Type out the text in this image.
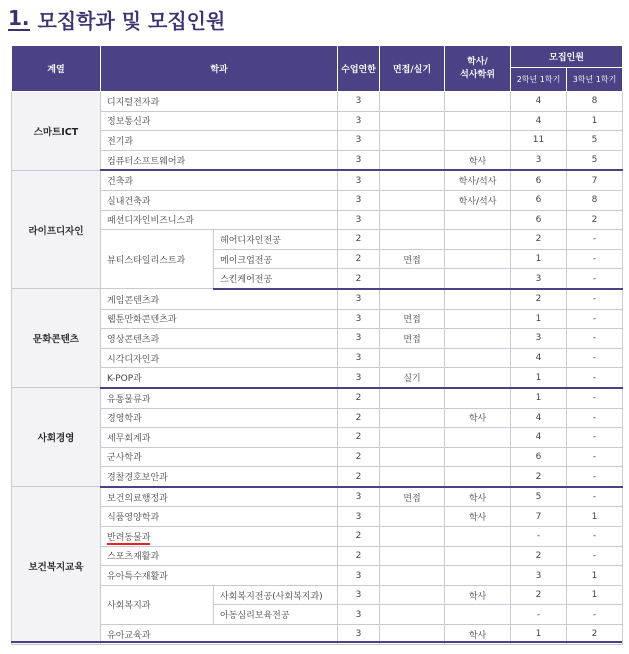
1. 모집학과 및 모집인원
계열	학과		수업연한	면접/실기	학사/
석사학위	모집인원	
						2학년 1학기	3학년 1학기
스마트ICT	디지털전자과		3			4	8
	정보통신과		3			4	1
	전기과		3			11	5
	컴퓨터소프트웨어과		3		학사	3	5
라이프디자인	건축과		3		학사/석사	6	7
	실내건축과		3		학사/석사	6	8
	패션디자인비즈니스과		3			6	2
	뷰티스타일리스트과	헤어디자인전공	2			2	-
		메이크업전공	2	면접		1	-
		스킨케어전공	2			3	-
문화콘텐츠	게임콘텐츠과		3			2	-
	웹툰만화콘텐츠과		3	면접		1	-
	영상콘텐츠과		3	면접		3	-
	시각디자인과		3			4	-
	K-POP과		3	실기		1	-
사회경영	유통물류과		2			1	-
	경영학과		2		학사	4	-
	세무회계과		2			4	-
	군사학과		2			6	-
	경찰경호보안과		2			2	-
보건복지교육	보건의료행정과		3	면접	학사	5	-
	식품영양학과		3		학사	7	1
	반려동물과		2			-	-
	스포츠재활과		2			2	-
	유아특수재활과		3			3	1
	사회복지과	사회복지전공(사회복지과)	3		학사	2	1
		아동심리보육전공	3			-	-
	유아교육과		3		학사	1	2
